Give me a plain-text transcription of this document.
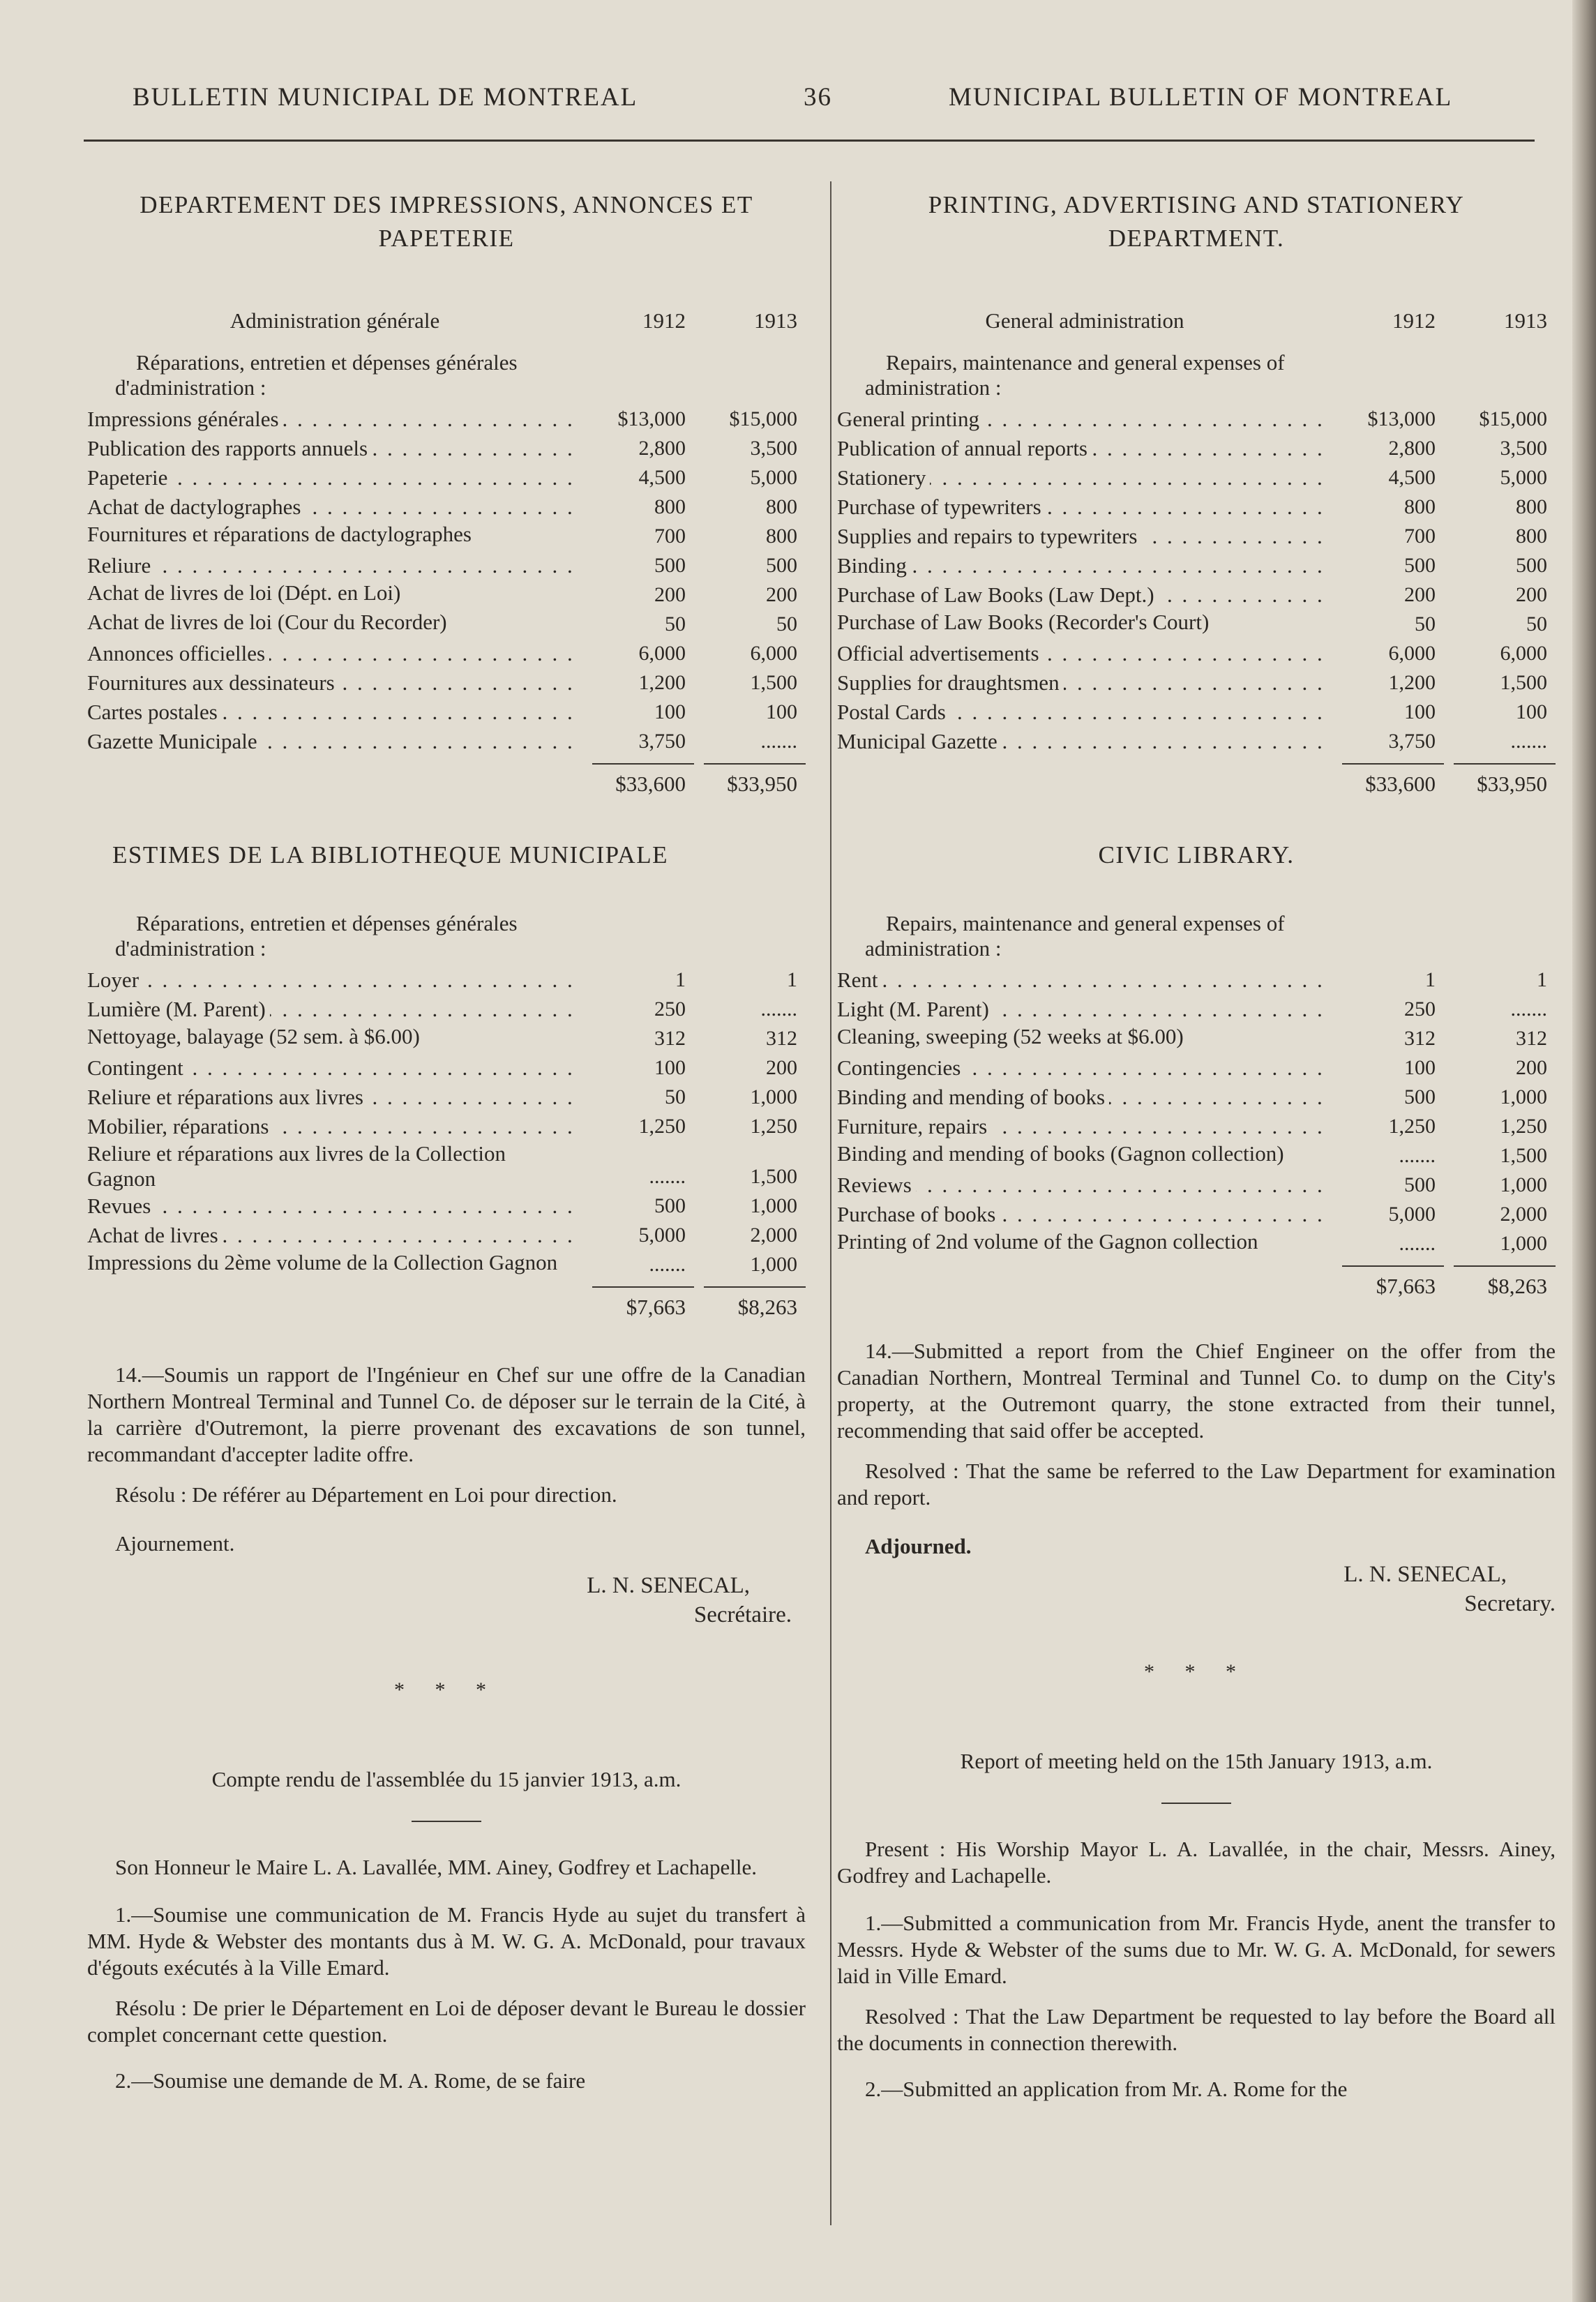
BULLETIN MUNICIPAL DE MONTREAL	36	MUNICIPAL BULLETIN OF MONTREAL

DEPARTEMENT DES IMPRESSIONS, ANNONCES ET
PAPETERIE

Administration générale	1912	1913
Réparations, entretien et dépenses générales d'administration :
Impressions générales . . .	$13,000	$15,000
Publication des rapports annuels . . .	2,800	3,500
Papeterie . . .	4,500	5,000
Achat de dactylographes . . .	800	800
Fournitures et réparations de dactylographes	700	800
Reliure . . .	500	500
Achat de livres de loi (Dépt. en Loi)	200	200
Achat de livres de loi (Cour du Recorder)	50	50
Annonces officielles . . .	6,000	6,000
Fournitures aux dessinateurs . . .	1,200	1,500
Cartes postales . . .	100	100
Gazette Municipale . . .	3,750	.......
$33,600	$33,950

ESTIMES DE LA BIBLIOTHEQUE MUNICIPALE

Réparations, entretien et dépenses générales d'administration :
Loyer . . .	1	1
Lumière (M. Parent) . . .	250	.......
Nettoyage, balayage (52 sem. à $6.00)	312	312
Contingent . . .	100	200
Reliure et réparations aux livres . . .	50	1,000
Mobilier, réparations . . .	1,250	1,250
Reliure et réparations aux livres de la Collection Gagnon	.......	1,500
Revues . . .	500	1,000
Achat de livres . . .	5,000	2,000
Impressions du 2ème volume de la Collection Gagnon	.......	1,000
$7,663	$8,263

14.—Soumis un rapport de l'Ingénieur en Chef sur une offre de la Canadian Northern Montreal Terminal and Tunnel Co. de déposer sur le terrain de la Cité, à la carrière d'Outremont, la pierre provenant des excavations de son tunnel, recommandant d'accepter ladite offre.

Résolu : De référer au Département en Loi pour direction.

Ajournement.

L. N. SENECAL,
Secrétaire.
* * *

Compte rendu de l'assemblée du 15 janvier 1913, a.m.

Son Honneur le Maire L. A. Lavallée, MM. Ainey, Godfrey et Lachapelle.

1.—Soumise une communication de M. Francis Hyde au sujet du transfert à MM. Hyde & Webster des montants dus à M. W. G. A. McDonald, pour travaux d'égouts exécutés à la Ville Emard.

Résolu : De prier le Département en Loi de déposer devant le Bureau le dossier complet concernant cette question.

2.—Soumise une demande de M. A. Rome, de se faire

PRINTING, ADVERTISING AND STATIONERY
DEPARTMENT.

General administration	1912	1913
Repairs, maintenance and general expenses of administration :
General printing . . .	$13,000	$15,000
Publication of annual reports . . .	2,800	3,500
Stationery . . .	4,500	5,000
Purchase of typewriters . . .	800	800
Supplies and repairs to typewriters . . .	700	800
Binding . . .	500	500
Purchase of Law Books (Law Dept.) . . .	200	200
Purchase of Law Books (Recorder's Court)	50	50
Official advertisements . . .	6,000	6,000
Supplies for draughtsmen . . .	1,200	1,500
Postal Cards . . .	100	100
Municipal Gazette . . .	3,750	.......
$33,600	$33,950

CIVIC LIBRARY.

Repairs, maintenance and general expenses of administration :
Rent . . .	1	1
Light (M. Parent) . . .	250	.......
Cleaning, sweeping (52 weeks at $6.00)	312	312
Contingencies . . .	100	200
Binding and mending of books . . .	500	1,000
Furniture, repairs . . .	1,250	1,250
Binding and mending of books (Gagnon collection)	.......	1,500
Reviews . . .	500	1,000
Purchase of books . . .	5,000	2,000
Printing of 2nd volume of the Gagnon collection	.......	1,000
$7,663	$8,263

14.—Submitted a report from the Chief Engineer on the offer from the Canadian Northern, Montreal Terminal and Tunnel Co. to dump on the City's property, at the Outremont quarry, the stone extracted from their tunnel, recommending that said offer be accepted.

Resolved : That the same be referred to the Law Department for examination and report.

Adjourned.

L. N. SENECAL,
Secretary.
* * *

Report of meeting held on the 15th January 1913, a.m.

Present : His Worship Mayor L. A. Lavallée, in the chair, Messrs. Ainey, Godfrey and Lachapelle.

1.—Submitted a communication from Mr. Francis Hyde, anent the transfer to Messrs. Hyde & Webster of the sums due to Mr. W. G. A. McDonald, for sewers laid in Ville Emard.

Resolved : That the Law Department be requested to lay before the Board all the documents in connection therewith.

2.—Submitted an application from Mr. A. Rome for the
